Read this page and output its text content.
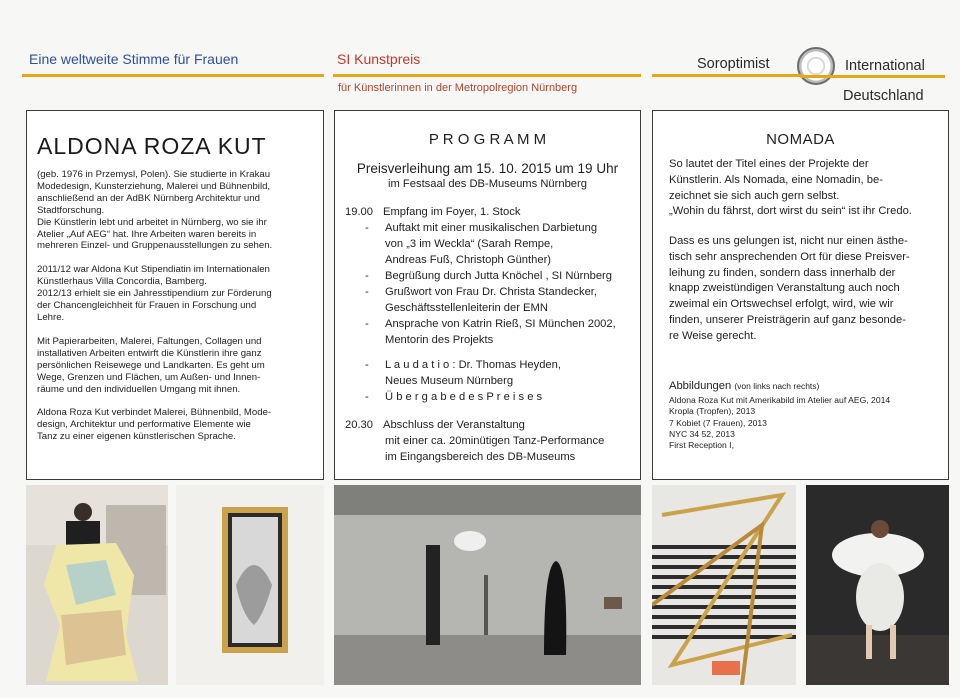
Eine weltweite Stimme für Frauen	SI Kunstpreis
für Künstlerinnen in der Metropolregion Nürnberg
Soroptimist	International
Deutschland
ALDONA ROZA KUT
(geb. 1976 in Przemysl, Polen). Sie studierte in Krakau
Modedesign, Kunsterziehung, Malerei und Bühnenbild,
anschließend an der AdBK Nürnberg Architektur und
Stadtforschung.
Die Künstlerin lebt und arbeitet in Nürnberg, wo sie ihr
Atelier „Auf AEG“ hat. Ihre Arbeiten waren bereits in
mehreren Einzel- und Gruppenausstellungen zu sehen.
2011/12 war Aldona Kut Stipendiatin im Internationalen
Künstlerhaus Villa Concordia, Bamberg.
2012/13 erhielt sie ein Jahresstipendium zur Förderung
der Chancengleichheit für Frauen in Forschung und
Lehre.
Mit Papierarbeiten, Malerei, Faltungen, Collagen und
installativen Arbeiten entwirft die Künstlerin ihre ganz
persönlichen Reisewege und Landkarten. Es geht um
Wege, Grenzen und Flächen, um Außen- und Innen-
räume und den individuellen Umgang mit ihnen.
Aldona Roza Kut verbindet Malerei, Bühnenbild, Mode-
design, Architektur und performative Elemente wie
Tanz zu einer eigenen künstlerischen Sprache.
P R O G R A M M
Preisverleihung am 15. 10. 2015 um 19 Uhr
im Festsaal des DB-Museums Nürnberg
19.00 Empfang im Foyer, 1. Stock
- Auftakt mit einer musikalischen Darbietung
von „3 im Weckla“ (Sarah Rempe,
Andreas Fuß, Christoph Günther)
- Begrüßung durch Jutta Knöchel , SI Nürnberg
- Grußwort von Frau Dr. Christa Standecker,
Geschäftsstellenleiterin der EMN
- Ansprache von Katrin Rieß, SI München 2002,
Mentorin des Projekts
- L a u d a t i o : Dr. Thomas Heyden,
Neues Museum Nürnberg
- Ü b e r g a b e d e s P r e i s e s
20.30 Abschluss der Veranstaltung
mit einer ca. 20minütigen Tanz-Performance
im Eingangsbereich des DB-Museums
NOMADA
So lautet der Titel eines der Projekte der
Künstlerin. Als Nomada, eine Nomadin, be-
zeichnet sie sich auch gern selbst.
„Wohin du fährst, dort wirst du sein“ ist ihr Credo.
Dass es uns gelungen ist, nicht nur einen ästhe-
tisch sehr ansprechenden Ort für diese Preisver-
leihung zu finden, sondern dass innerhalb der
knapp zweistündigen Veranstaltung auch noch
zweimal ein Ortswechsel erfolgt, wird, wie wir
finden, unserer Preisträgerin auf ganz besonde-
re Weise gerecht.
Abbildungen (von links nach rechts)
Aldona Roza Kut mit Amerikabild im Atelier auf AEG, 2014
Kropla (Tropfen), 2013
7 Kobiet (7 Frauen), 2013
NYC 34 52, 2013
First Reception I,
